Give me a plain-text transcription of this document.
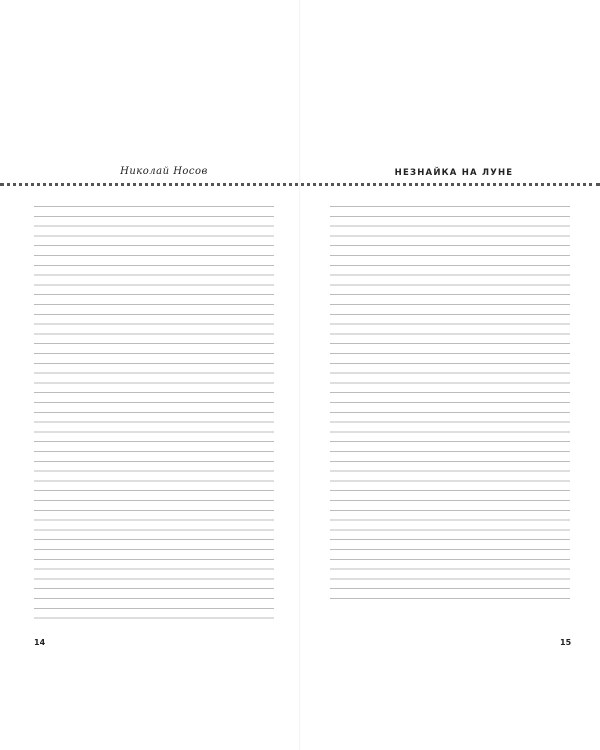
Николай Носов	НЕЗНАЙКА НА ЛУНЕ
14	15
